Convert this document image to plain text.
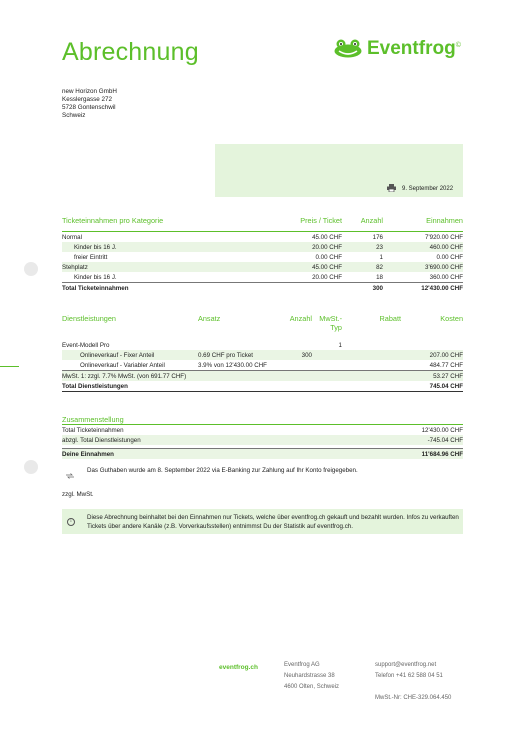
Abrechnung	Eventfrog ©
new Horizon GmbH
Kesslergasse 272
5728 Gontenschwil
Schweiz
9. September 2022
Ticketeinnahmen pro Kategorie	Preis / Ticket	Anzahl	Einnahmen

Normal	45.00 CHF	176	7'920.00 CHF
Kinder bis 16 J.	20.00 CHF	23	460.00 CHF
freier Eintritt	0.00 CHF	1	0.00 CHF
Stehplatz	45.00 CHF	82	3'690.00 CHF
Kinder bis 16 J.	20.00 CHF	18	360.00 CHF
Total Ticketeinnahmen		300	12'430.00 CHF
Dienstleistungen	Ansatz	Anzahl	MwSt.-
Typ	Rabatt	Kosten

Event-Modell Pro			1		
Onlineverkauf - Fixer Anteil	0.69 CHF pro Ticket	300			207.00 CHF
Onlineverkauf - Variabler Anteil	3.9% von 12'430.00 CHF				484.77 CHF
MwSt. 1: zzgl. 7.7% MwSt. (von 691.77 CHF)					53.27 CHF
Total Dienstleistungen					745.04 CHF

Zusammenstellung	

Total Ticketeinnahmen	12'430.00 CHF
abzgl. Total Dienstleistungen	-745.04 CHF

Deine Einnahmen	11'684.96 CHF
Das Guthaben wurde am 8. September 2022 via E-Banking zur Zahlung auf Ihr Konto freigegeben.
zzgl. MwSt.
i
Diese Abrechnung beinhaltet bei den Einnahmen nur Tickets, welche über eventfrog.ch gekauft und bezahlt wurden. Infos zu verkauften Tickets über andere Kanäle (z.B. Vorverkaufsstellen) entnimmst Du der Statistik auf eventfrog.ch.
eventfrog.ch	Eventfrog AG
Neuhardstrasse 38
4600 Olten, Schweiz
support@eventfrog.net
Telefon +41 62 588 04 51
MwSt.-Nr: CHE-329.064.450
